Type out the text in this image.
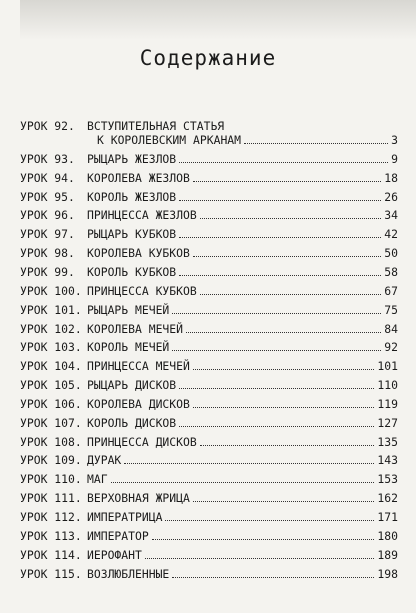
Содержание
УРОК 92.	ВСТУПИТЕЛЬНАЯ СТАТЬЯ
К КОРОЛЕВСКИМ АРКАНАМ	3
УРОК 93.	РЫЦАРЬ ЖЕЗЛОВ	9
УРОК 94.	КОРОЛЕВА ЖЕЗЛОВ	18
УРОК 95.	КОРОЛЬ ЖЕЗЛОВ	26
УРОК 96.	ПРИНЦЕССА ЖЕЗЛОВ	34
УРОК 97.	РЫЦАРЬ КУБКОВ	42
УРОК 98.	КОРОЛЕВА КУБКОВ	50
УРОК 99.	КОРОЛЬ КУБКОВ	58
УРОК 100. ПРИНЦЕССА КУБКОВ	67
УРОК 101. РЫЦАРЬ МЕЧЕЙ	75
УРОК 102. КОРОЛЕВА МЕЧЕЙ	84
УРОК 103. КОРОЛЬ МЕЧЕЙ	92
УРОК 104. ПРИНЦЕССА МЕЧЕЙ	101
УРОК 105. РЫЦАРЬ ДИСКОВ	110
УРОК 106. КОРОЛЕВА ДИСКОВ	119
УРОК 107. КОРОЛЬ ДИСКОВ	127
УРОК 108. ПРИНЦЕССА ДИСКОВ	135
УРОК 109. ДУРАК	143
УРОК 110. МАГ	153
УРОК 111. ВЕРХОВНАЯ ЖРИЦА	162
УРОК 112. ИМПЕРАТРИЦА	171
УРОК 113. ИМПЕРАТОР	180
УРОК 114. ИЕРОФАНТ	189
УРОК 115. ВОЗЛЮБЛЕННЫЕ	198
